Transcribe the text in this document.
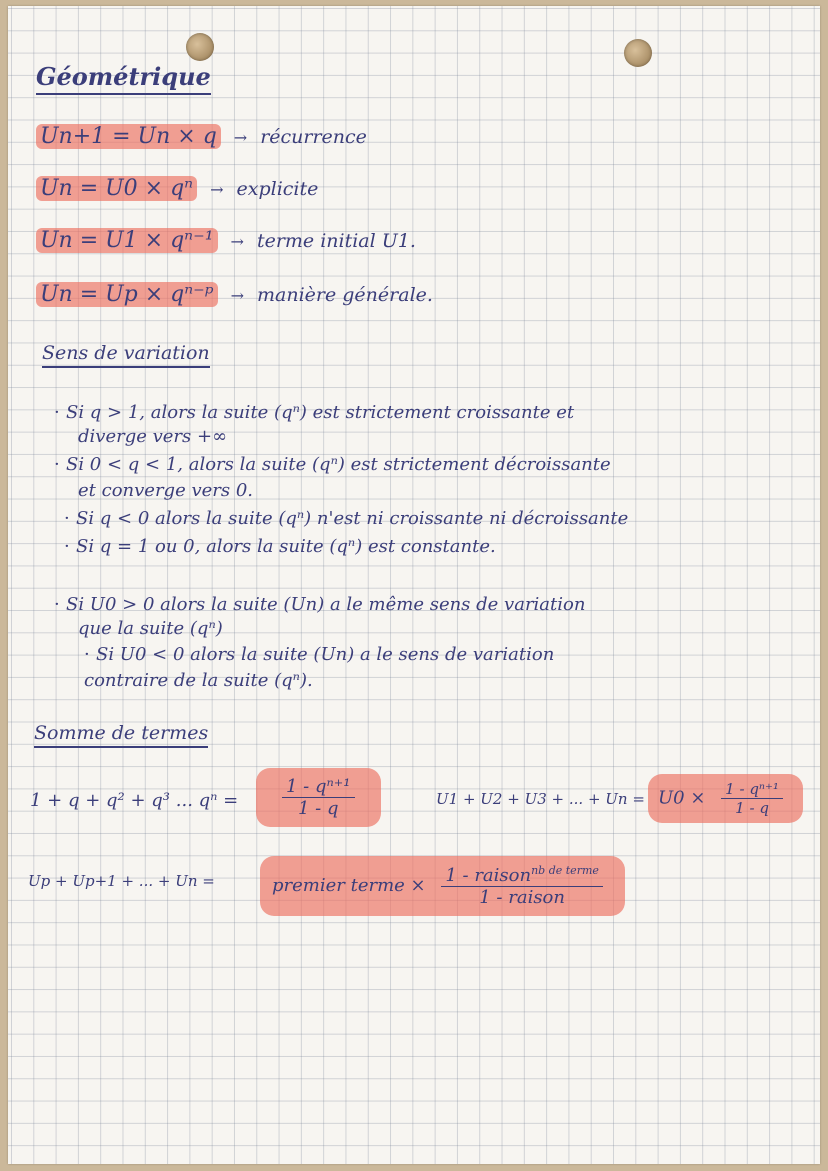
Géométrique
Un+1 = Un × q → récurrence
Un = U0 × qⁿ → explicite
Un = U1 × qⁿ⁻¹ → terme initial U1.
Un = Up × qⁿ⁻ᵖ → manière générale.
Sens de variation
· Si q > 1, alors la suite (qⁿ) est strictement croissante et
diverge vers +∞
· Si 0 < q < 1, alors la suite (qⁿ) est strictement décroissante
et converge vers 0.
· Si q < 0 alors la suite (qⁿ) n'est ni croissante ni décroissante
· Si q = 1 ou 0, alors la suite (qⁿ) est constante.
· Si U0 > 0 alors la suite (Un) a le même sens de variation
que la suite (qⁿ)
· Si U0 < 0 alors la suite (Un) a le sens de variation
contraire de la suite (qⁿ).
Somme de termes
1 + q + q² + q³ ... $q^n = \frac{\text{1 - qⁿ⁺¹}}{1 - q}$	U1 + U2 + U3 + ... + $Un = U0 \times \frac{\text{1 - qⁿ⁺¹}}{1 - q}$
Up + Up+1 + ... + Un =	premier terme × $\frac{1 - raison^{nb de terme}}{\text{1 - raison}}$
